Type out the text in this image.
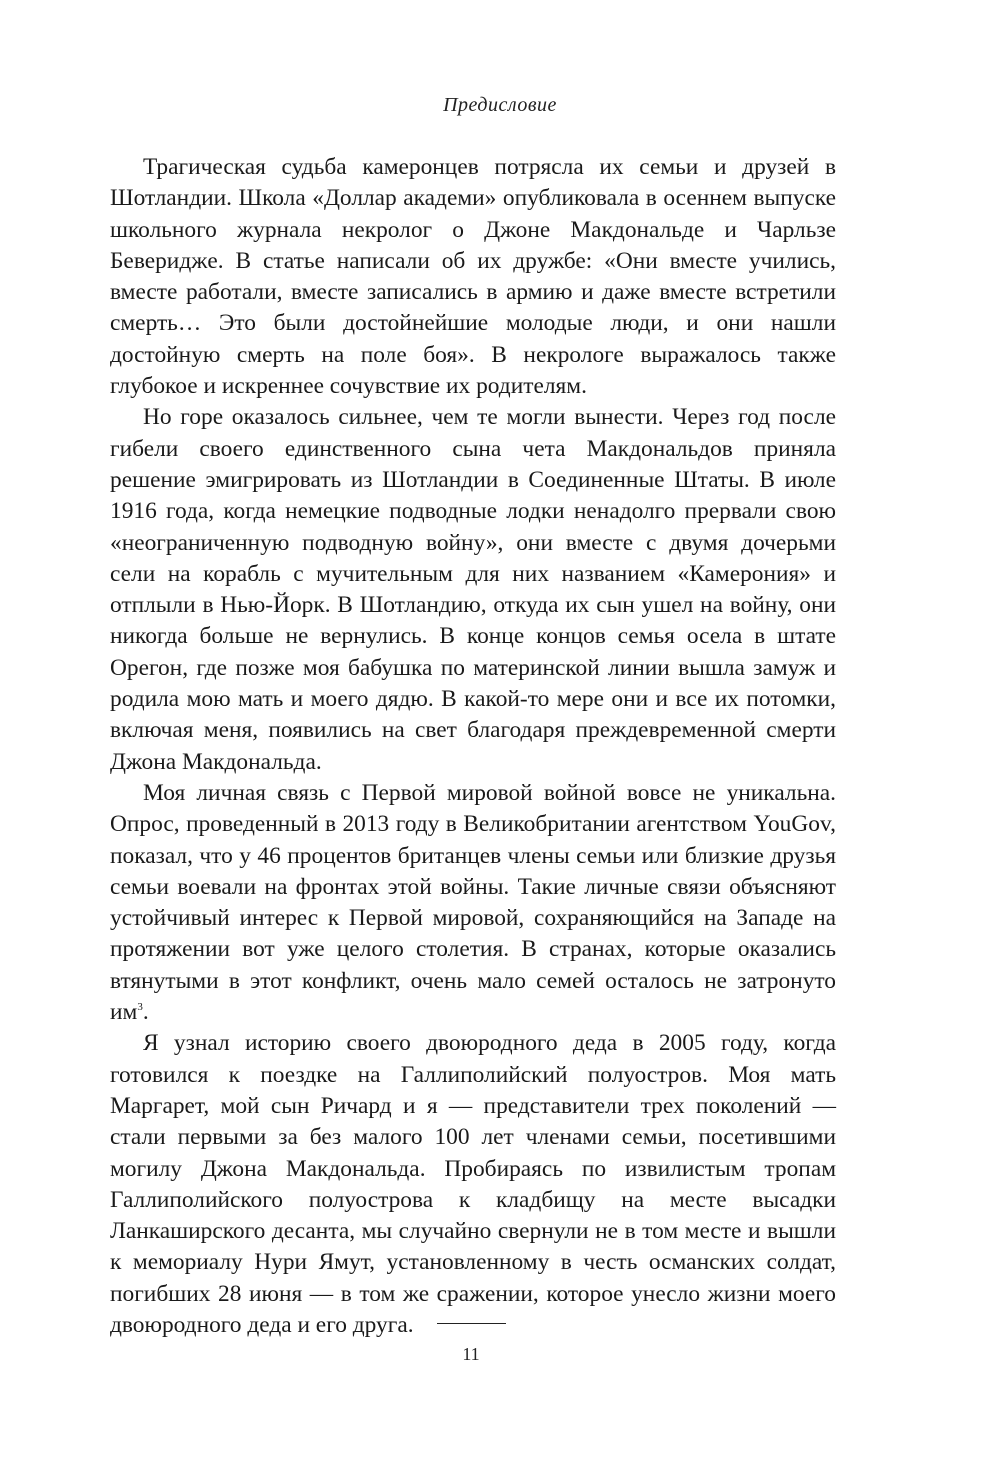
Предисловие

Трагическая судьба камеронцев потрясла их семьи и друзей в Шотландии. Школа «Доллар академи» опубликовала в осеннем выпуске школьного журнала некролог о Джоне Макдональде и Чарльзе Бевериджe. В статье написали об их дружбе: «Они вместе учились, вместе работали, вместе записались в армию и даже вместе встретили смерть… Это были достойнейшие молодые люди, и они нашли достойную смерть на поле боя». В некрологе выражалось также глубокое и искреннее сочувствие их родителям.

Но горе оказалось сильнее, чем те могли вынести. Через год после гибели своего единственного сына чета Макдональдов приняла решение эмигрировать из Шотландии в Соединенные Штаты. В июле 1916 года, когда немецкие подводные лодки ненадолго прервали свою «неограниченную подводную войну», они вместе с двумя дочерьми сели на корабль с мучительным для них названием «Камерония» и отплыли в Нью-Йорк. В Шотландию, откуда их сын ушел на войну, они никогда больше не вернулись. В конце концов семья осела в штате Орегон, где позже моя бабушка по материнской линии вышла замуж и родила мою мать и моего дядю. В какой-то мере они и все их потомки, включая меня, появились на свет благодаря преждевременной смерти Джона Макдональда.

Моя личная связь с Первой мировой войной вовсе не уникальна. Опрос, проведенный в 2013 году в Великобритании агентством YouGov, показал, что у 46 процентов британцев члены семьи или близкие друзья семьи воевали на фронтах этой войны. Такие личные связи объясняют устойчивый интерес к Первой мировой, сохраняющийся на Западе на протяжении вот уже целого столетия. В странах, которые оказались втянутыми в этот конфликт, очень мало семей осталось не затронуто $им^3$.

Я узнал историю своего двоюродного деда в 2005 году, когда готовился к поездке на Галлиполийский полуостров. Моя мать Маргарет, мой сын Ричард и я — представители трех поколений — стали первыми за без малого 100 лет членами семьи, посетившими могилу Джона Макдональда. Пробираясь по извилистым тропам Галлиполийского полуострова к кладбищу на месте высадки Ланкаширского десанта, мы случайно свернули не в том месте и вышли к мемориалу Нури Ямут, установленному в честь османских солдат, погибших 28 июня — в том же сражении, которое унесло жизни моего двоюродного деда и его друга.

11
